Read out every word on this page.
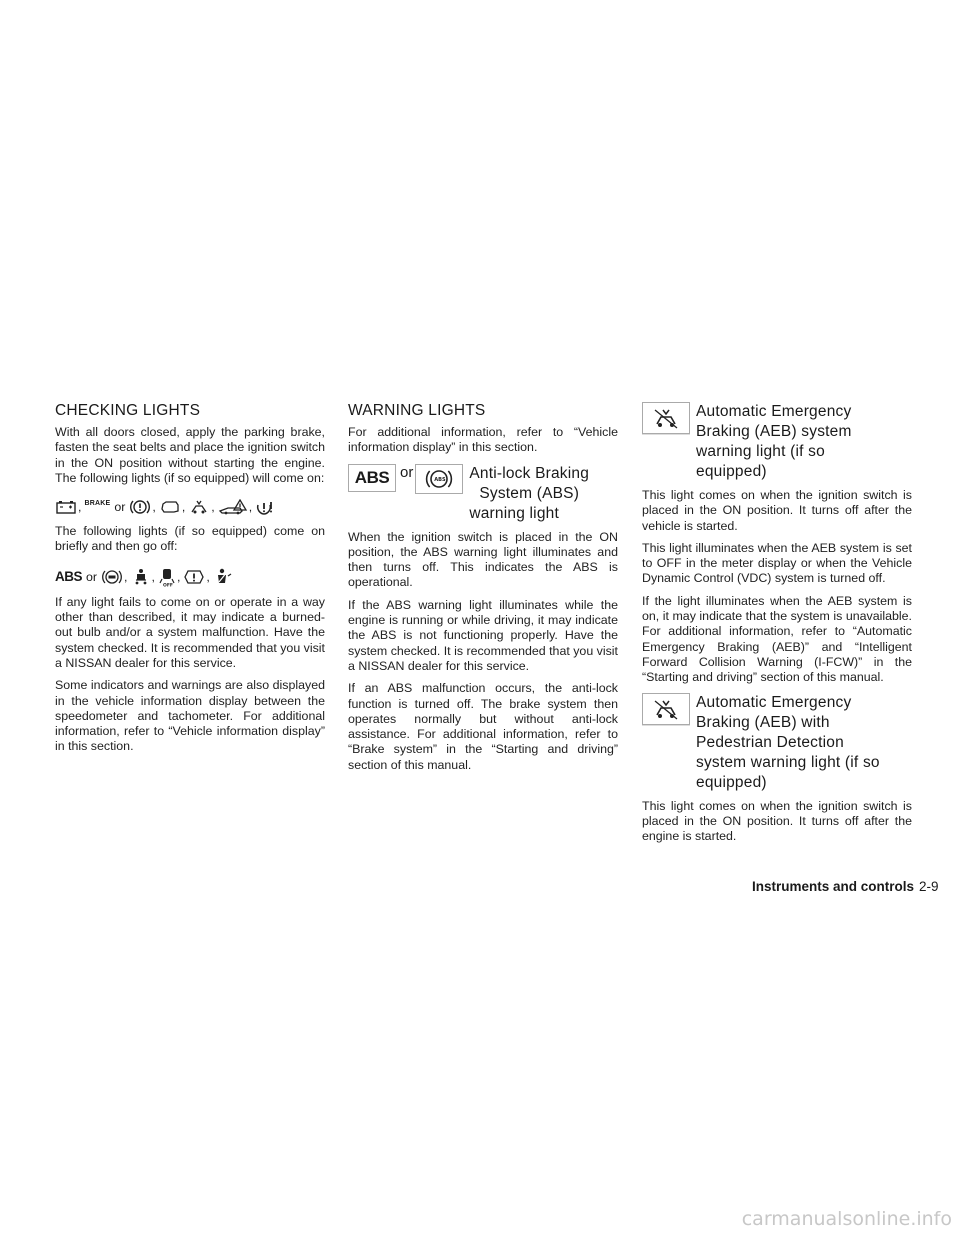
CHECKING LIGHTS

With all doors closed, apply the parking brake, fasten the seat belts and place the ignition switch in the ON position without starting the engine. The following lights (if so equipped) will come on:

, BRAKE or , , ,	,

The following lights (if so equipped) come on briefly and then go off:

ABS or , ,
OFF
, ,

If any light fails to come on or operate in a way other than described, it may indicate a burned-out bulb and/or a system malfunction. Have the system checked. It is recommended that you visit a NISSAN dealer for this service.

Some indicators and warnings are also displayed in the vehicle information display between the speedometer and tachometer. For additional information, refer to “Vehicle information display” in this section.

WARNING LIGHTS

For additional information, refer to “Vehicle information display” in this section.

ABS or	ABS Anti-lock Braking
System (ABS)
warning light

When the ignition switch is placed in the ON position, the ABS warning light illuminates and then turns off. This indicates the ABS is operational.

If the ABS warning light illuminates while the engine is running or while driving, it may indicate the ABS is not functioning properly. Have the system checked. It is recommended that you visit a NISSAN dealer for this service.

If an ABS malfunction occurs, the anti-lock function is turned off. The brake system then operates normally but without anti-lock assistance. For additional information, refer to “Brake system” in the “Starting and driving” section of this manual.

Automatic Emergency
Braking (AEB) system
warning light (if so
equipped)

This light comes on when the ignition switch is placed in the ON position. It turns off after the vehicle is started.

This light illuminates when the AEB system is set to OFF in the meter display or when the Vehicle Dynamic Control (VDC) system is turned off.

If the light illuminates when the AEB system is on, it may indicate that the system is unavailable. For additional information, refer to “Automatic Emergency Braking (AEB)” and “Intelligent Forward Collision Warning (I-FCW)” in the “Starting and driving” section of this manual.

Automatic Emergency
Braking (AEB) with
Pedestrian Detection
system warning light (if so
equipped)

This light comes on when the ignition switch is placed in the ON position. It turns off after the engine is started.

Instruments and controls 2-9
carmanualsonline.info
